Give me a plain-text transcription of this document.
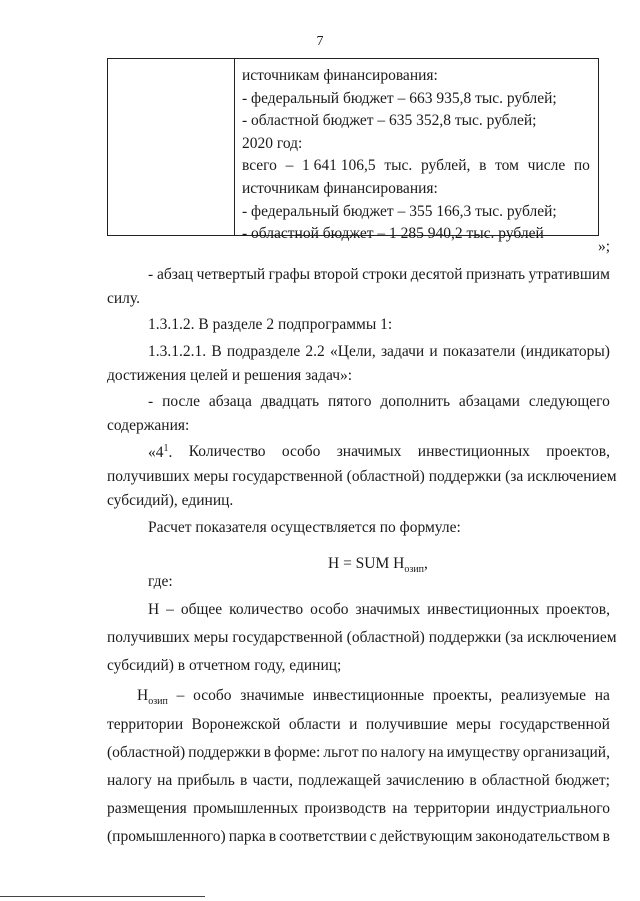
7
источникам финансирования:
- федеральный бюджет – 663 935,8 тыс. рублей;
- областной бюджет – 635 352,8 тыс. рублей;
2020 год:
всего – 1 641 106,5 тыс. рублей, в том числе по
источникам финансирования:
- федеральный бюджет – 355 166,3 тыс. рублей;
- областной бюджет – 1 285 940,2 тыс. рублей
»;
- абзац четвертый графы второй строки десятой признать утратившим
силу.
1.3.1.2. В разделе 2 подпрограммы 1:
1.3.1.2.1. В подразделе 2.2 «Цели, задачи и показатели (индикаторы)
достижения целей и решения задач»:
- после абзаца двадцать пятого дополнить абзацами следующего
содержания:
«$4^1$. Количество особо значимых инвестиционных проектов,
получивших меры государственной (областной) поддержки (за исключением
субсидий), единиц.
Расчет показателя осуществляется по формуле:
Н = SUM $Н_{озип}$,
где:
Н – общее количество особо значимых инвестиционных проектов,
получивших меры государственной (областной) поддержки (за исключением
субсидий) в отчетном году, единиц;
$Н_{озип}$ – особо значимые инвестиционные проекты, реализуемые на
территории Воронежской области и получившие меры государственной
(областной) поддержки в форме: льгот по налогу на имуществу организаций,
налогу на прибыль в части, подлежащей зачислению в областной бюджет;
размещения промышленных производств на территории индустриального
(промышленного) парка в соответствии с действующим законодательством в
